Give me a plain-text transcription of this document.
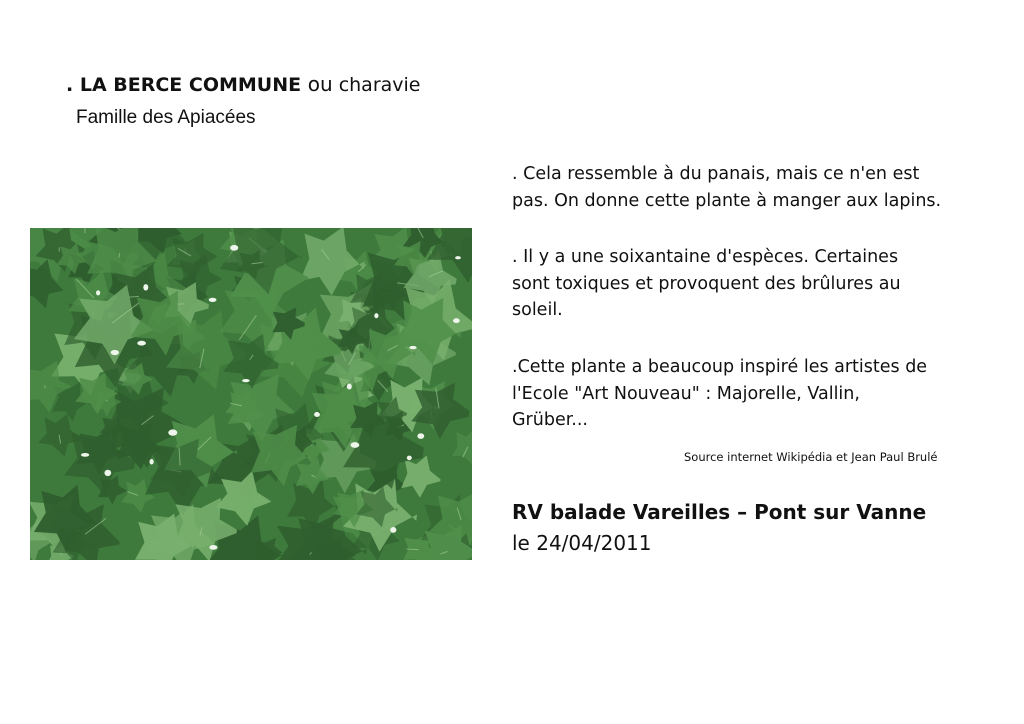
. LA BERCE COMMUNE ou charavie
Famille des Apiacées
. Cela ressemble à du panais, mais ce n'en est
pas. On donne cette plante à manger aux lapins.
. Il y a une soixantaine d'espèces. Certaines
sont toxiques et provoquent des brûlures au
soleil.
.Cette plante a beaucoup inspiré les artistes de
l'Ecole "Art Nouveau" : Majorelle, Vallin,
Grüber...
Source internet Wikipédia et Jean Paul Brulé
RV balade Vareilles – Pont sur Vanne
le 24/04/2011
